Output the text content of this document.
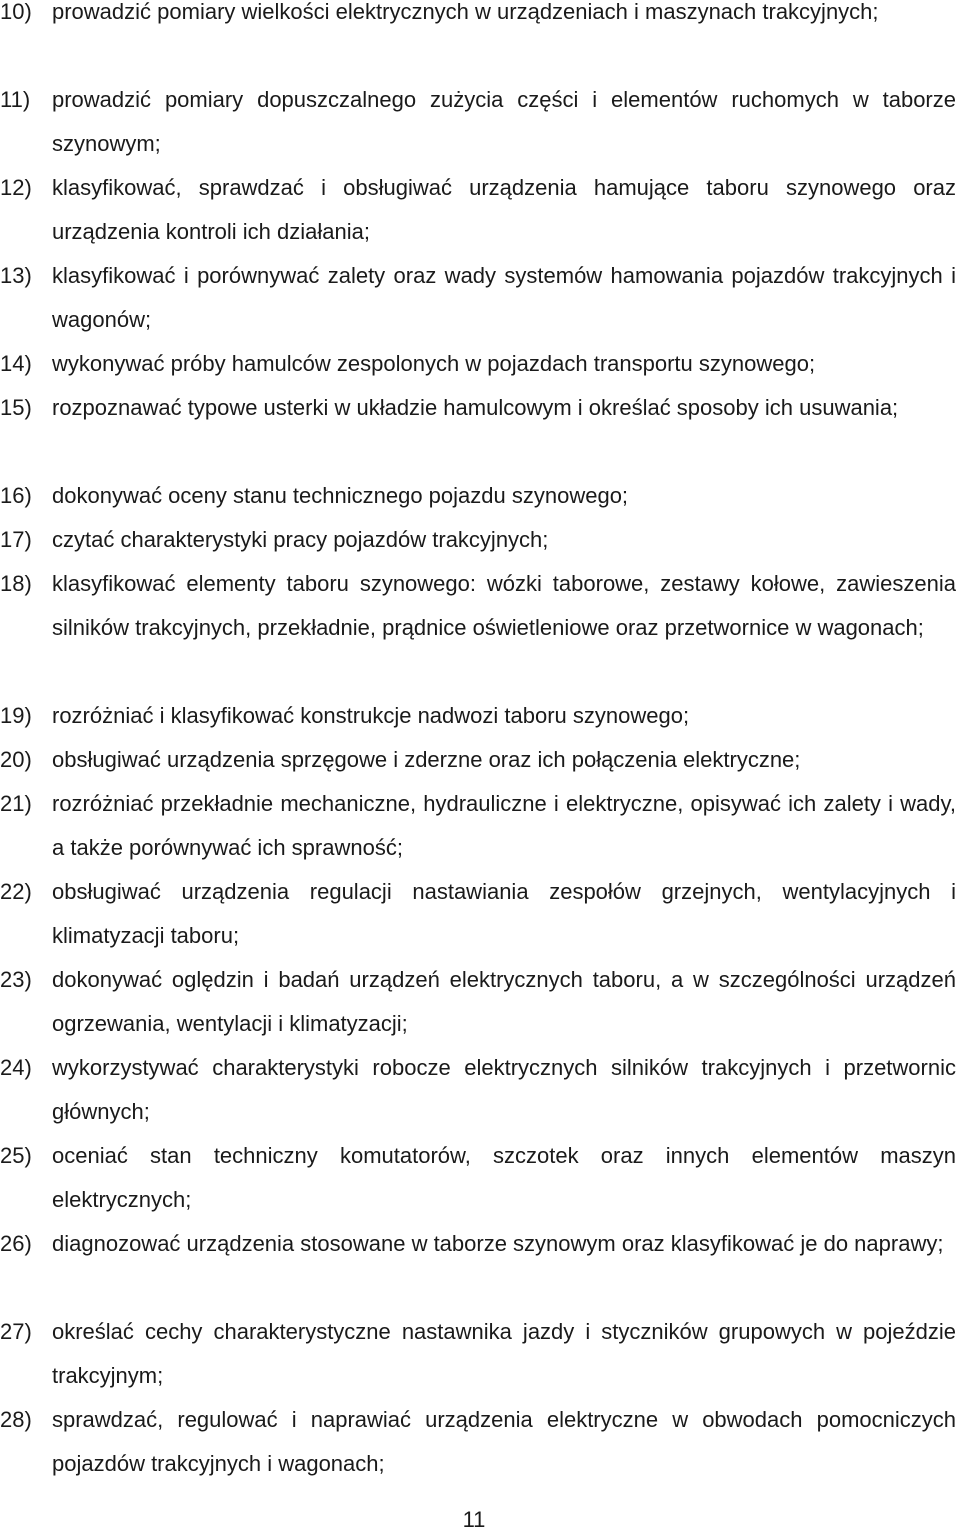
10) prowadzić pomiary wielkości elektrycznych w urządzeniach i maszynach trakcyjnych;
11) prowadzić pomiary dopuszczalnego zużycia części i elementów ruchomych w taborze szynowym;
12) klasyfikować, sprawdzać i obsługiwać urządzenia hamujące taboru szynowego oraz urządzenia kontroli ich działania;
13) klasyfikować i porównywać zalety oraz wady systemów hamowania pojazdów trakcyjnych i wagonów;
14) wykonywać próby hamulców zespolonych w pojazdach transportu szynowego;
15) rozpoznawać typowe usterki w układzie hamulcowym i określać sposoby ich usuwania;
16) dokonywać oceny stanu technicznego pojazdu szynowego;
17) czytać charakterystyki pracy pojazdów trakcyjnych;
18) klasyfikować elementy taboru szynowego: wózki taborowe, zestawy kołowe, zawieszenia silników trakcyjnych, przekładnie, prądnice oświetleniowe oraz przetwornice w wagonach;
19) rozróżniać i klasyfikować konstrukcje nadwozi taboru szynowego;
20) obsługiwać urządzenia sprzęgowe i zderzne oraz ich połączenia elektryczne;
21) rozróżniać przekładnie mechaniczne, hydrauliczne i elektryczne, opisywać ich zalety i wady, a także porównywać ich sprawność;
22) obsługiwać urządzenia regulacji nastawiania zespołów grzejnych, wentylacyjnych i klimatyzacji taboru;
23) dokonywać oględzin i badań urządzeń elektrycznych taboru, a w szczególności urządzeń ogrzewania, wentylacji i klimatyzacji;
24) wykorzystywać charakterystyki robocze elektrycznych silników trakcyjnych i przetwornic głównych;
25) oceniać stan techniczny komutatorów, szczotek oraz innych elementów maszyn elektrycznych;
26) diagnozować urządzenia stosowane w taborze szynowym oraz klasyfikować je do naprawy;
27) określać cechy charakterystyczne nastawnika jazdy i styczników grupowych w pojeździe trakcyjnym;
28) sprawdzać, regulować i naprawiać urządzenia elektryczne w obwodach pomocniczych pojazdów trakcyjnych i wagonach;
11
